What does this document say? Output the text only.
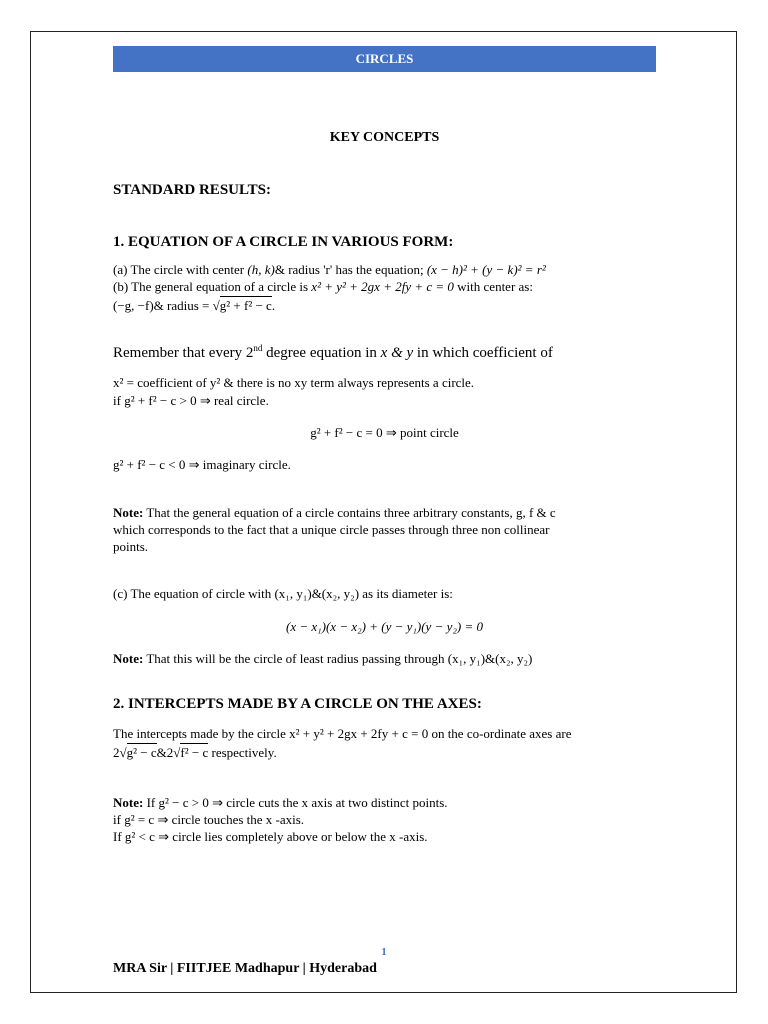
CIRCLES
KEY CONCEPTS
STANDARD RESULTS:
1. EQUATION OF A CIRCLE IN VARIOUS FORM:
(a) The circle with center (h, k)& radius 'r' has the equation; (x − h)² + (y − k)² = r²
(b) The general equation of a circle is x² + y² + 2gx + 2fy + c = 0 with center as:
(−g, −f)& radius = √g² + f² − c.
Remember that every 2nd degree equation in x & y in which coefficient of
x² = coefficient of y² & there is no xy term always represents a circle.
if g² + f² − c > 0 ⇒ real circle.
g² + f² − c = 0 ⇒ point circle
g² + f² − c < 0 ⇒ imaginary circle.
Note: That the general equation of a circle contains three arbitrary constants, g, f & c
which corresponds to the fact that a unique circle passes through three non collinear
points.
(c) The equation of circle with (x₁, y₁)&(x₂, y₂) as its diameter is:
(x − x₁)(x − x₂) + (y − y₁)(y − y₂) = 0
Note: That this will be the circle of least radius passing through (x₁, y₁)&(x₂, y₂)
2. INTERCEPTS MADE BY A CIRCLE ON THE AXES:
The intercepts made by the circle x² + y² + 2gx + 2fy + c = 0 on the co-ordinate axes are
2√g² − c&2√f² − c respectively.
Note: If g² − c > 0 ⇒ circle cuts the x axis at two distinct points.
if g² = c ⇒ circle touches the x -axis.
If g² < c ⇒ circle lies completely above or below the x -axis.
1
MRA Sir | FIITJEE Madhapur | Hyderabad
